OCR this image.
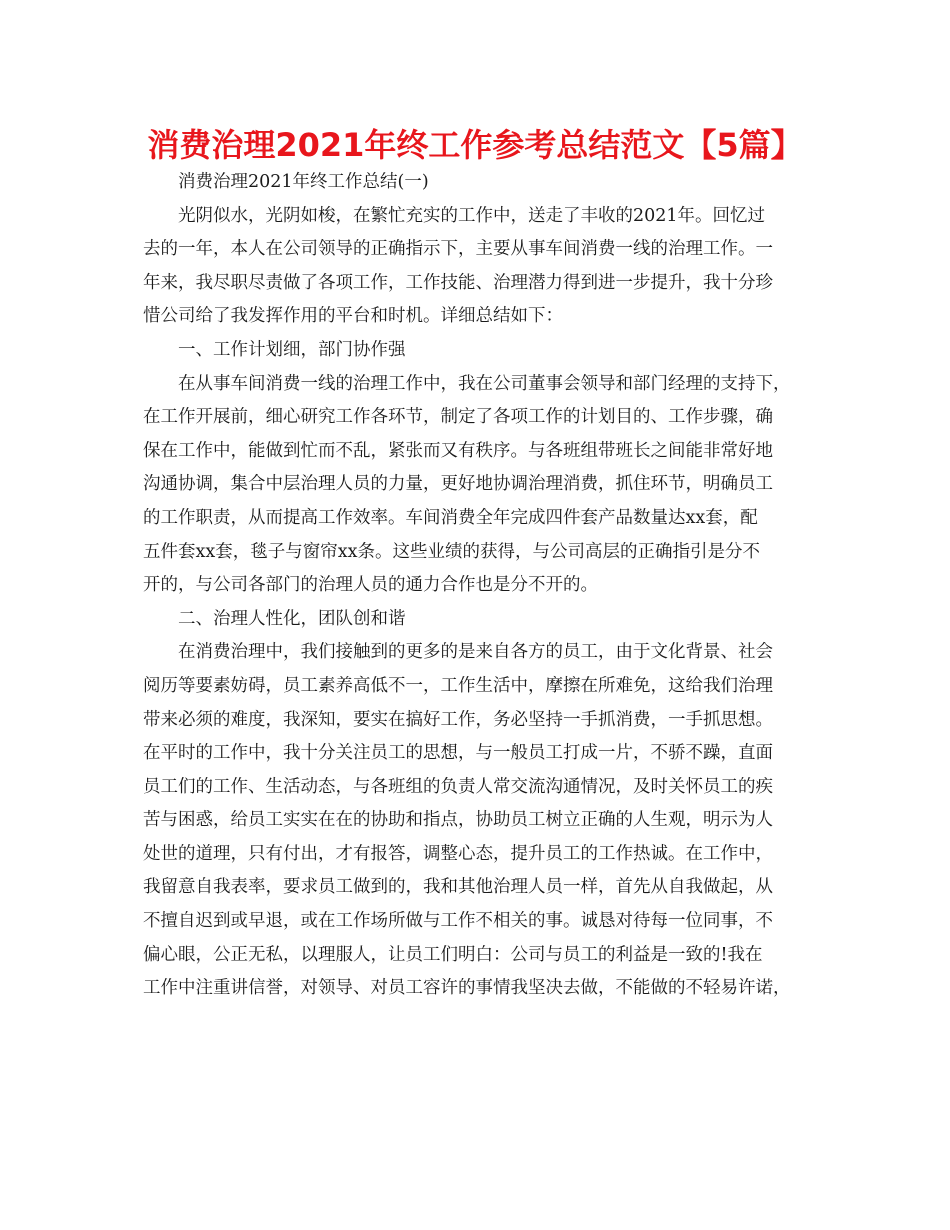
消费治理2021年终工作参考总结范文【5篇】
消费治理2021年终工作总结(一)
光阴似水，光阴如梭，在繁忙充实的工作中，送走了丰收的2021年。回忆过
去的一年，本人在公司领导的正确指示下，主要从事车间消费一线的治理工作。一
年来，我尽职尽责做了各项工作，工作技能、治理潜力得到进一步提升，我十分珍
惜公司给了我发挥作用的平台和时机。详细总结如下：
一、工作计划细，部门协作强
在从事车间消费一线的治理工作中，我在公司董事会领导和部门经理的支持下，
在工作开展前，细心研究工作各环节，制定了各项工作的计划目的、工作步骤，确
保在工作中，能做到忙而不乱，紧张而又有秩序。与各班组带班长之间能非常好地
沟通协调，集合中层治理人员的力量，更好地协调治理消费，抓住环节，明确员工
的工作职责，从而提高工作效率。车间消费全年完成四件套产品数量达xx套，配
五件套xx套，毯子与窗帘xx条。这些业绩的获得，与公司高层的正确指引是分不
开的，与公司各部门的治理人员的通力合作也是分不开的。
二、治理人性化，团队创和谐
在消费治理中，我们接触到的更多的是来自各方的员工，由于文化背景、社会
阅历等要素妨碍，员工素养高低不一，工作生活中，摩擦在所难免，这给我们治理
带来必须的难度，我深知，要实在搞好工作，务必坚持一手抓消费，一手抓思想。
在平时的工作中，我十分关注员工的思想，与一般员工打成一片，不骄不躁，直面
员工们的工作、生活动态，与各班组的负责人常交流沟通情况，及时关怀员工的疾
苦与困惑，给员工实实在在的协助和指点，协助员工树立正确的人生观，明示为人
处世的道理，只有付出，才有报答，调整心态，提升员工的工作热诚。在工作中，
我留意自我表率，要求员工做到的，我和其他治理人员一样，首先从自我做起，从
不擅自迟到或早退，或在工作场所做与工作不相关的事。诚恳对待每一位同事，不
偏心眼，公正无私，以理服人，让员工们明白：公司与员工的利益是一致的!我在
工作中注重讲信誉，对领导、对员工容许的事情我坚决去做，不能做的不轻易许诺，
